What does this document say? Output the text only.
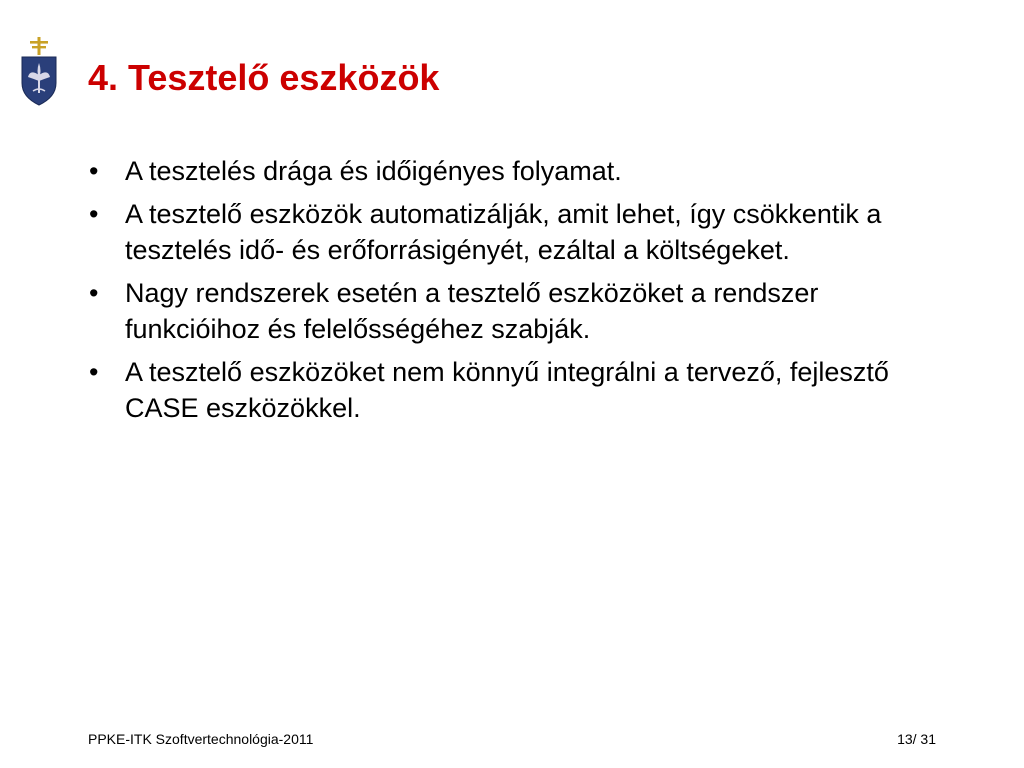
4. Tesztelő eszközök
• A tesztelés drága és időigényes folyamat.
• A tesztelő eszközök automatizálják, amit lehet, így csökkentik a tesztelés idő- és erőforrásigényét, ezáltal a költségeket.
• Nagy rendszerek esetén a tesztelő eszközöket a rendszer funkcióihoz és felelősségéhez szabják.
• A tesztelő eszközöket nem könnyű integrálni a tervező, fejlesztő CASE eszközökkel.
PPKE-ITK Szoftvertechnológia-2011	13/ 31
